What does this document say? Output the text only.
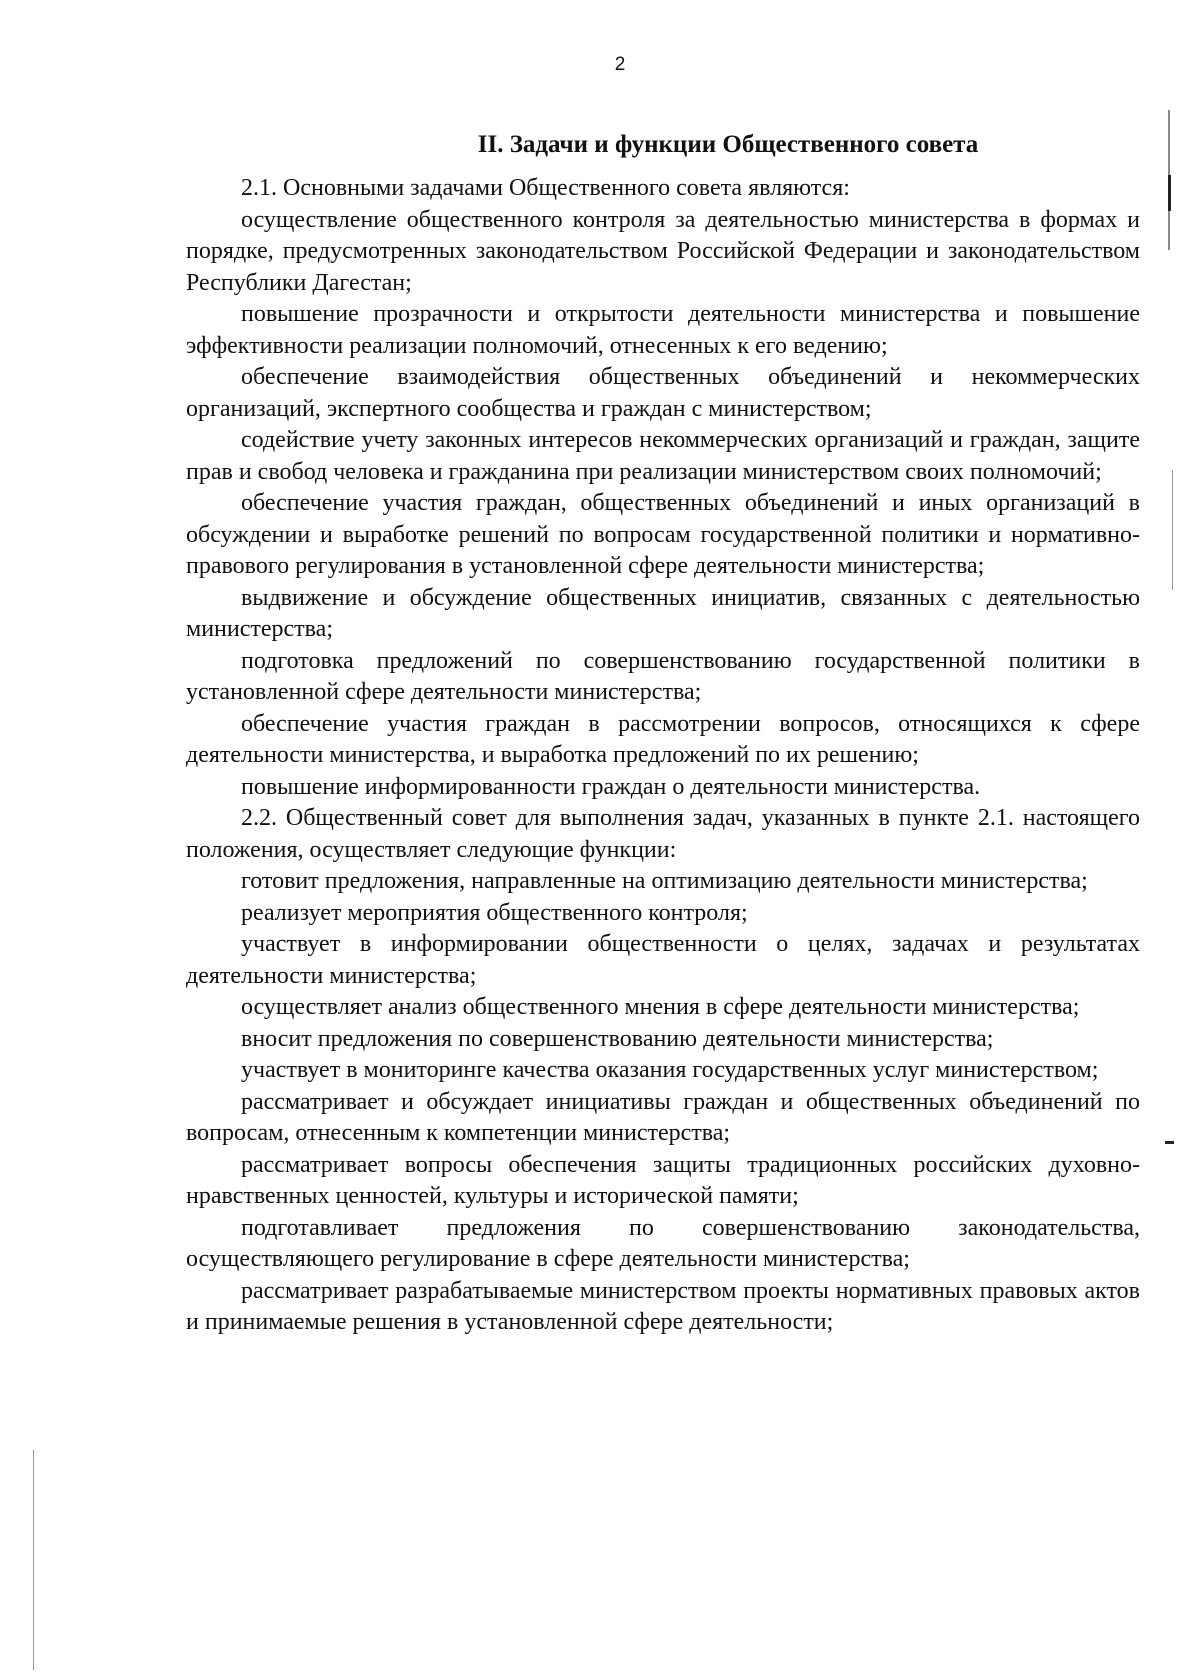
2
II. Задачи и функции Общественного совета

2.1. Основными задачами Общественного совета являются:

осуществление общественного контроля за деятельностью министерства в формах и порядке, предусмотренных законодательством Российской Федерации и законодательством Республики Дагестан;

повышение прозрачности и открытости деятельности министерства и повышение эффективности реализации полномочий, отнесенных к его ведению;

обеспечение взаимодействия общественных объединений и некоммерческих организаций, экспертного сообщества и граждан с министерством;

содействие учету законных интересов некоммерческих организаций и граждан, защите прав и свобод человека и гражданина при реализации министерством своих полномочий;

обеспечение участия граждан, общественных объединений и иных организаций в обсуждении и выработке решений по вопросам государственной политики и нормативно-правового регулирования в установленной сфере деятельности министерства;

выдвижение и обсуждение общественных инициатив, связанных с деятельностью министерства;

подготовка предложений по совершенствованию государственной политики в установленной сфере деятельности министерства;

обеспечение участия граждан в рассмотрении вопросов, относящихся к сфере деятельности министерства, и выработка предложений по их решению;

повышение информированности граждан о деятельности министерства.

2.2. Общественный совет для выполнения задач, указанных в пункте 2.1. настоящего положения, осуществляет следующие функции:

готовит предложения, направленные на оптимизацию деятельности министерства;

реализует мероприятия общественного контроля;

участвует в информировании общественности о целях, задачах и результатах деятельности министерства;

осуществляет анализ общественного мнения в сфере деятельности министерства;

вносит предложения по совершенствованию деятельности министерства;

участвует в мониторинге качества оказания государственных услуг министерством;

рассматривает и обсуждает инициативы граждан и общественных объединений по вопросам, отнесенным к компетенции министерства;

рассматривает вопросы обеспечения защиты традиционных российских духовно-нравственных ценностей, культуры и исторической памяти;

подготавливает предложения по совершенствованию законодательства, осуществляющего регулирование в сфере деятельности министерства;

рассматривает разрабатываемые министерством проекты нормативных правовых актов и принимаемые решения в установленной сфере деятельности;
